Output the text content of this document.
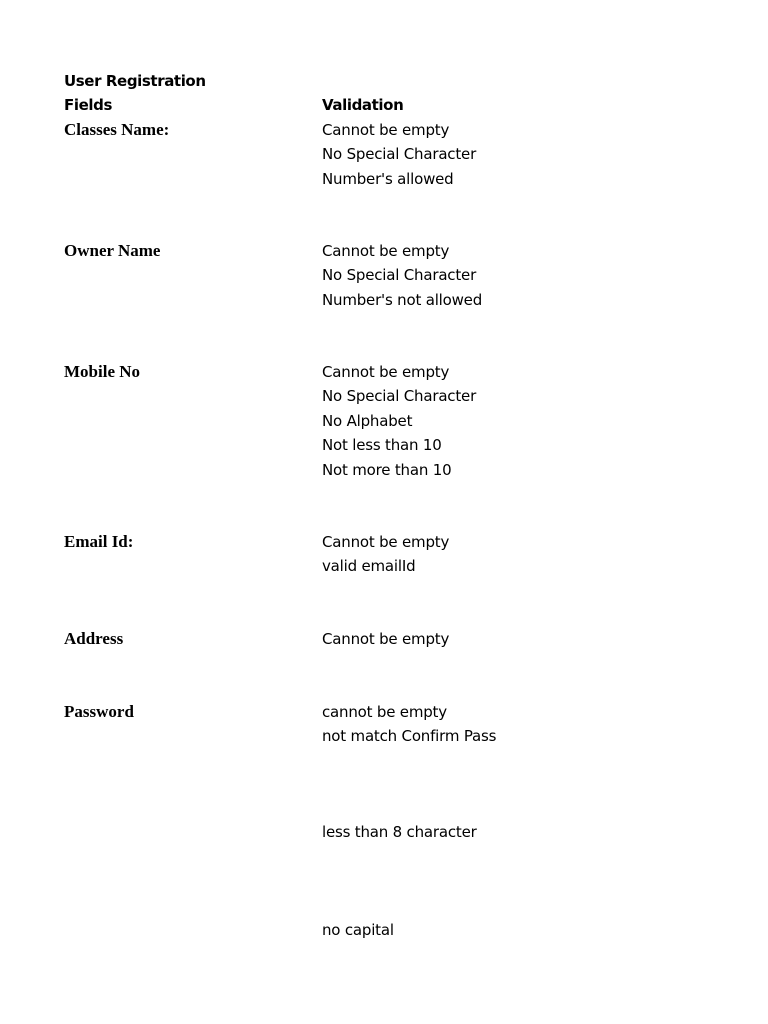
User Registration
Fields	Validation
Classes Name:	Cannot be empty
No Special Character
Number's allowed
Owner Name	Cannot be empty
No Special Character
Number's not allowed
Mobile No	Cannot be empty
No Special Character
No Alphabet
Not less than 10
Not more than 10
Email Id:	Cannot be empty
valid emailId
Address	Cannot be empty
Password	cannot be empty
not match Confirm Pass
less than 8 character
no capital
